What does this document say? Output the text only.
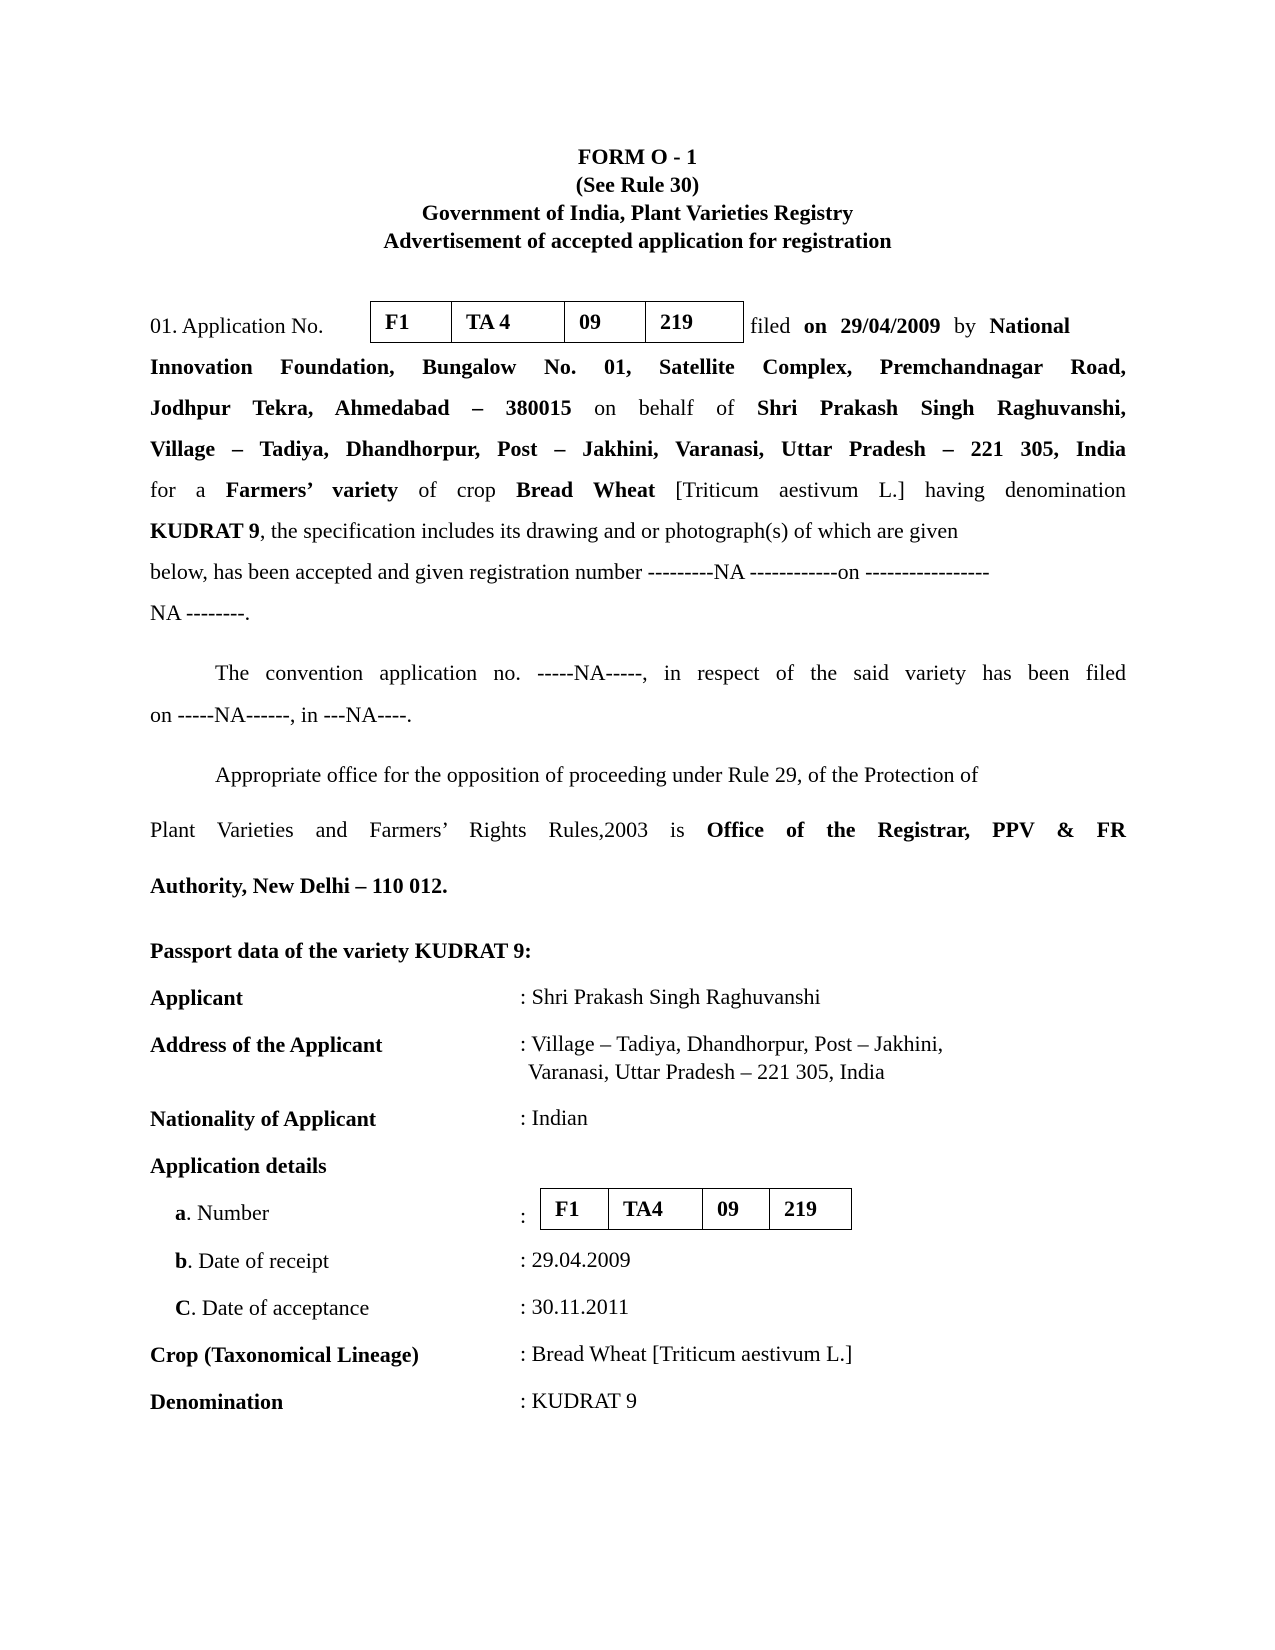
FORM O - 1
(See Rule 30)
Government of India, Plant Varieties Registry
Advertisement of accepted application for registration
01. Application No.	F1	TA 4	09	219	filed on 29/04/2009 by National
Innovation Foundation, Bungalow No. 01, Satellite Complex, Premchandnagar Road,
Jodhpur Tekra, Ahmedabad – 380015 on behalf of Shri Prakash Singh Raghuvanshi,
Village – Tadiya, Dhandhorpur, Post – Jakhini, Varanasi, Uttar Pradesh – 221 305, India
for a Farmers’ variety of crop Bread Wheat [Triticum aestivum L.] having denomination
KUDRAT 9, the specification includes its drawing and or photograph(s) of which are given
below, has been accepted and given registration number ---------NA ------------on -----------------
NA --------.
The convention application no. -----NA-----, in respect of the said variety has been filed
on -----NA------, in ---NA----.
Appropriate office for the opposition of proceeding under Rule 29, of the Protection of
Plant Varieties and Farmers’ Rights Rules,2003 is Office of the Registrar, PPV & FR
Authority, New Delhi – 110 012.
Passport data of the variety KUDRAT 9:
Applicant	: Shri Prakash Singh Raghuvanshi
Address of the Applicant	: Village – Tadiya, Dhandhorpur, Post – Jakhini,
Varanasi, Uttar Pradesh – 221 305, India
Nationality of Applicant	: Indian
Application details
a. Number	:	F1	TA4	09	219
b. Date of receipt	: 29.04.2009
C. Date of acceptance	: 30.11.2011
Crop (Taxonomical Lineage)	: Bread Wheat [Triticum aestivum L.]
Denomination	: KUDRAT 9
